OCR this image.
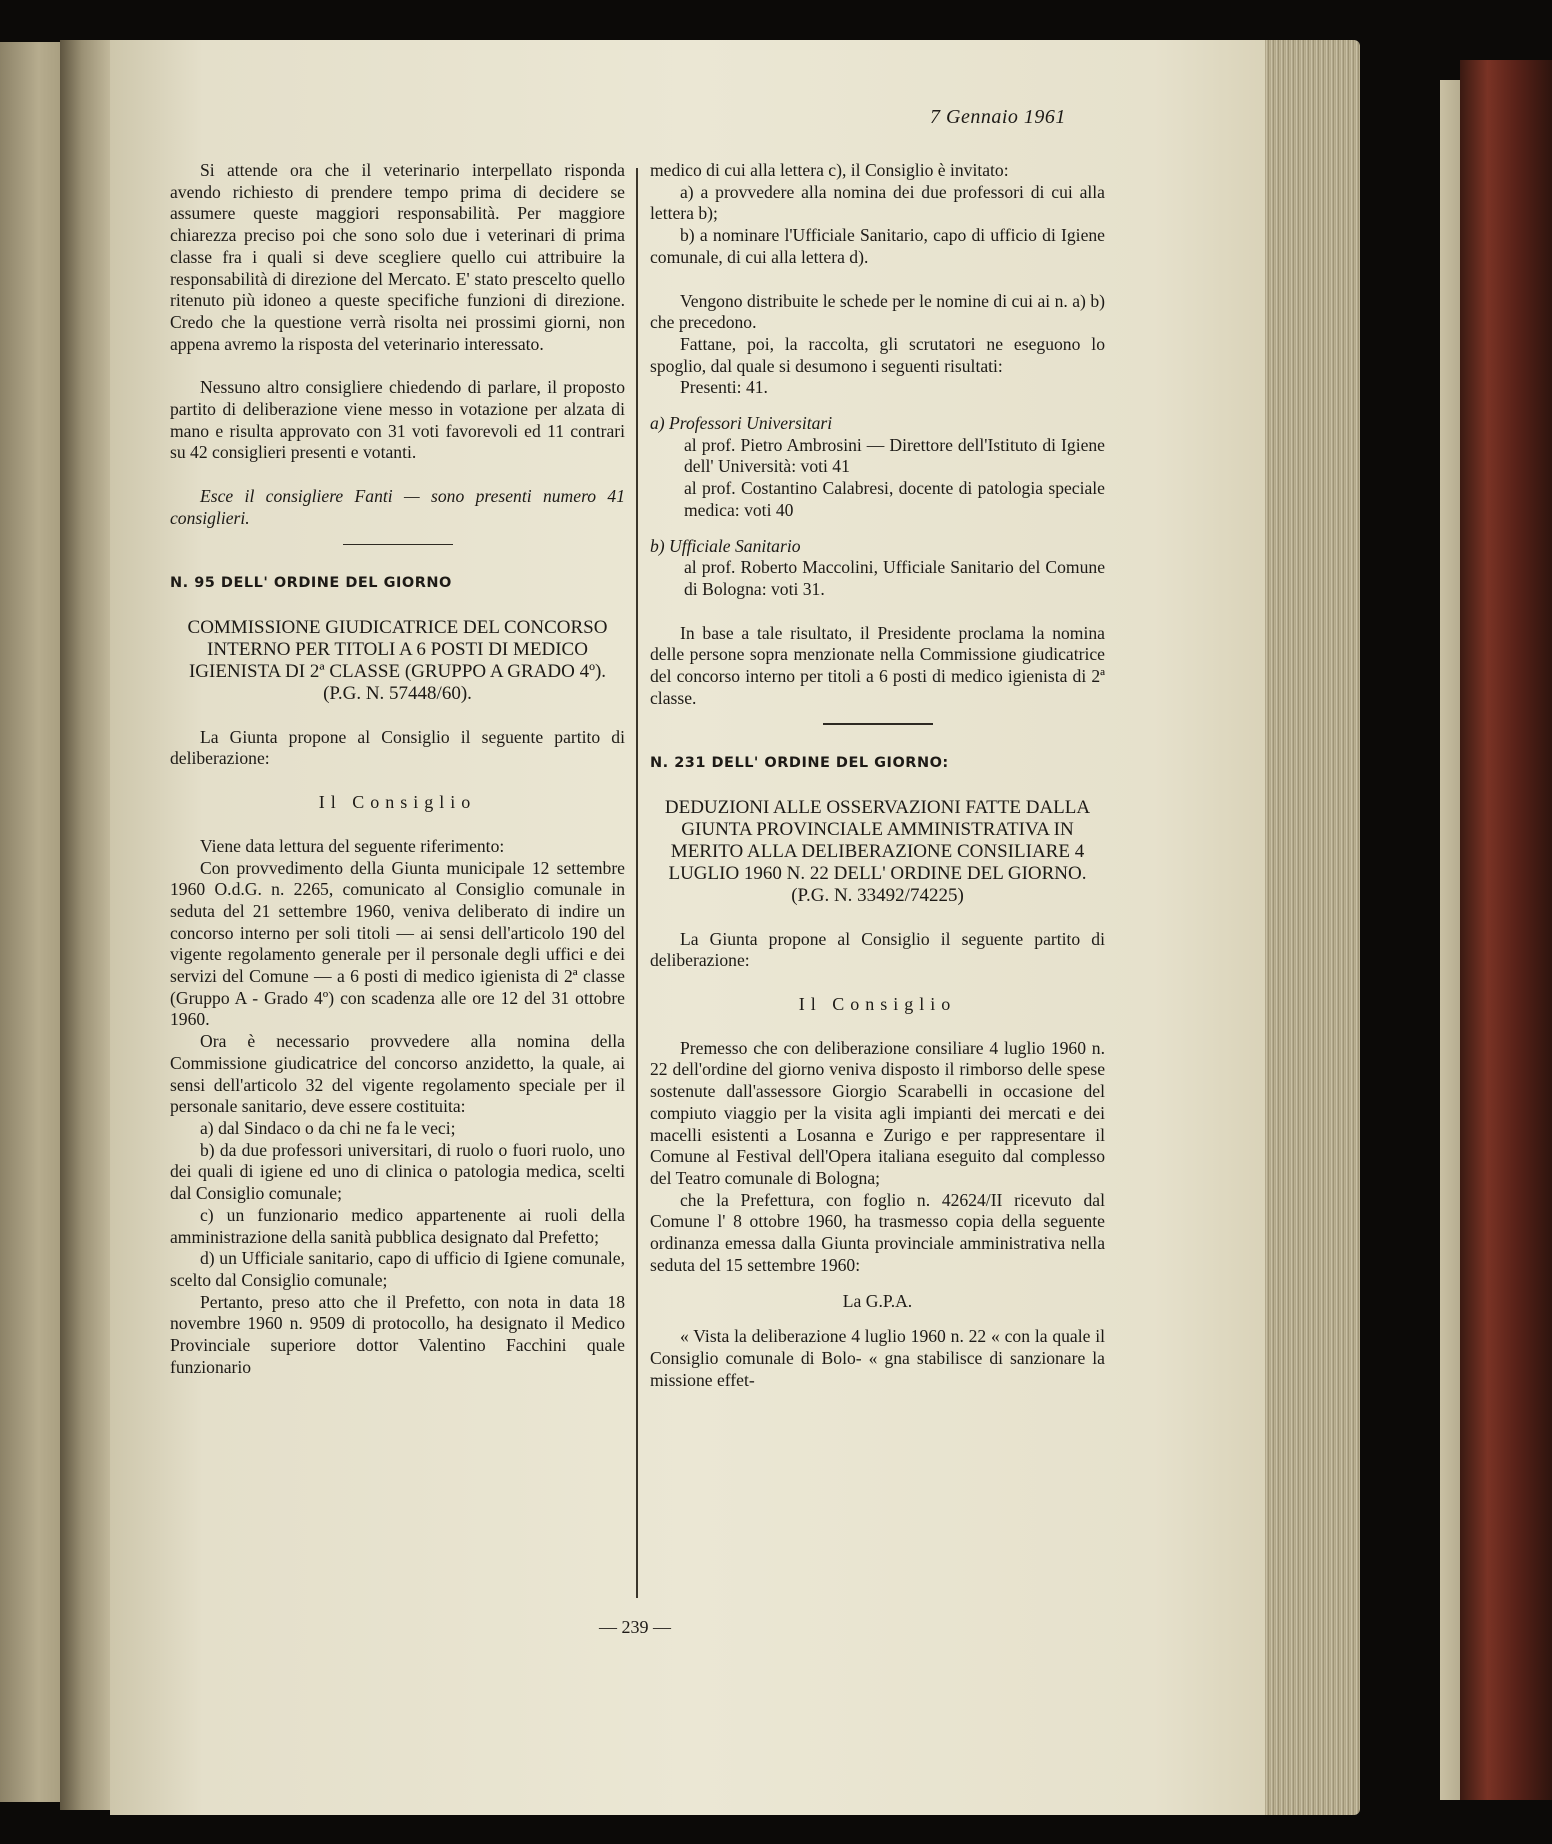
7 Gennaio 1961

Si attende ora che il veterinario interpellato risponda avendo richiesto di prendere tempo prima di decidere se assumere queste maggiori responsabilità. Per maggiore chiarezza preciso poi che sono solo due i veterinari di prima classe fra i quali si deve scegliere quello cui attribuire la responsabilità di direzione del Mercato. E' stato prescelto quello ritenuto più idoneo a queste specifiche funzioni di direzione. Credo che la questione verrà risolta nei prossimi giorni, non appena avremo la risposta del veterinario interessato.

Nessuno altro consigliere chiedendo di parlare, il proposto partito di deliberazione viene messo in votazione per alzata di mano e risulta approvato con 31 voti favorevoli ed 11 contrari su 42 consiglieri presenti e votanti.

Esce il consigliere Fanti — sono presenti numero 41 consiglieri.

N. 95 DELL' ORDINE DEL GIORNO

COMMISSIONE GIUDICATRICE DEL CONCORSO INTERNO PER TITOLI A 6 POSTI DI MEDICO IGIENISTA DI 2ª CLASSE (GRUPPO A GRADO 4º). (P.G. N. 57448/60).

La Giunta propone al Consiglio il seguente partito di deliberazione:

Il Consiglio

Viene data lettura del seguente riferimento:

Con provvedimento della Giunta municipale 12 settembre 1960 O.d.G. n. 2265, comunicato al Consiglio comunale in seduta del 21 settembre 1960, veniva deliberato di indire un concorso interno per soli titoli — ai sensi dell'articolo 190 del vigente regolamento generale per il personale degli uffici e dei servizi del Comune — a 6 posti di medico igienista di 2ª classe (Gruppo A - Grado 4º) con scadenza alle ore 12 del 31 ottobre 1960.

Ora è necessario provvedere alla nomina della Commissione giudicatrice del concorso anzidetto, la quale, ai sensi dell'articolo 32 del vigente regolamento speciale per il personale sanitario, deve essere costituita:

a) dal Sindaco o da chi ne fa le veci;

b) da due professori universitari, di ruolo o fuori ruolo, uno dei quali di igiene ed uno di clinica o patologia medica, scelti dal Consiglio comunale;

c) un funzionario medico appartenente ai ruoli della amministrazione della sanità pubblica designato dal Prefetto;

d) un Ufficiale sanitario, capo di ufficio di Igiene comunale, scelto dal Consiglio comunale;

Pertanto, preso atto che il Prefetto, con nota in data 18 novembre 1960 n. 9509 di protocollo, ha designato il Medico Provinciale superiore dottor Valentino Facchini quale funzionario

medico di cui alla lettera c), il Consiglio è invitato:

a) a provvedere alla nomina dei due professori di cui alla lettera b);

b) a nominare l'Ufficiale Sanitario, capo di ufficio di Igiene comunale, di cui alla lettera d).

Vengono distribuite le schede per le nomine di cui ai n. a) b) che precedono.

Fattane, poi, la raccolta, gli scrutatori ne eseguono lo spoglio, dal quale si desumono i seguenti risultati:

Presenti: 41.

a) Professori Universitari

al prof. Pietro Ambrosini — Direttore dell'Istituto di Igiene dell' Università: voti 41

al prof. Costantino Calabresi, docente di patologia speciale medica: voti 40

b) Ufficiale Sanitario

al prof. Roberto Maccolini, Ufficiale Sanitario del Comune di Bologna: voti 31.

In base a tale risultato, il Presidente proclama la nomina delle persone sopra menzionate nella Commissione giudicatrice del concorso interno per titoli a 6 posti di medico igienista di 2ª classe.

N. 231 DELL' ORDINE DEL GIORNO:

DEDUZIONI ALLE OSSERVAZIONI FATTE DALLA GIUNTA PROVINCIALE AMMINISTRATIVA IN MERITO ALLA DELIBERAZIONE CONSILIARE 4 LUGLIO 1960 N. 22 DELL' ORDINE DEL GIORNO.

(P.G. N. 33492/74225)

La Giunta propone al Consiglio il seguente partito di deliberazione:

Il Consiglio

Premesso che con deliberazione consiliare 4 luglio 1960 n. 22 dell'ordine del giorno veniva disposto il rimborso delle spese sostenute dall'assessore Giorgio Scarabelli in occasione del compiuto viaggio per la visita agli impianti dei mercati e dei macelli esistenti a Losanna e Zurigo e per rappresentare il Comune al Festival dell'Opera italiana eseguito dal complesso del Teatro comunale di Bologna;

che la Prefettura, con foglio n. 42624/II ricevuto dal Comune l' 8 ottobre 1960, ha trasmesso copia della seguente ordinanza emessa dalla Giunta provinciale amministrativa nella seduta del 15 settembre 1960:

La G.P.A.

« Vista la deliberazione 4 luglio 1960 n. 22 « con la quale il Consiglio comunale di Bolo- « gna stabilisce di sanzionare la missione effet-

— 239 —
